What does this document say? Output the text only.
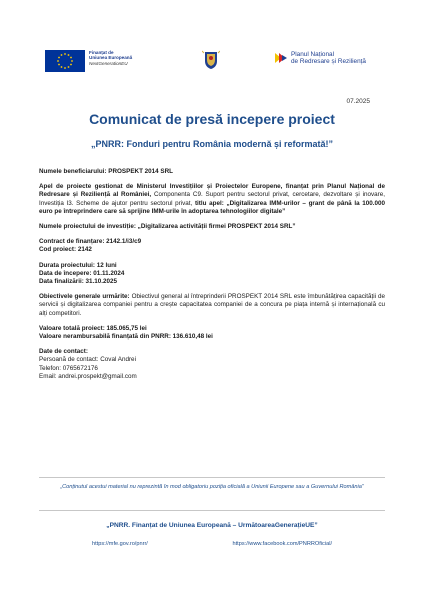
Finanțat de
Uniunea Europeană
NextGenerationEU
Planul Național
de Redresare și Reziliență
07.2025
Comunicat de presă incepere proiect
„PNRR: Fonduri pentru România modernă și reformată!”

Numele beneficiarului: PROSPEKT 2014 SRL

Apel de proiecte gestionat de Ministerul Investițiilor și Proiectelor Europene, finanțat prin Planul Național de Redresare și Reziliență al României, Componenta C9. Suport pentru sectorul privat, cercetare, dezvoltare și inovare, Investiția I3. Scheme de ajutor pentru sectorul privat, titlu apel: „Digitalizarea IMM-urilor – grant de până la 100.000 euro pe întreprindere care să sprijine IMM-urile în adoptarea tehnologiilor digitale”

Numele proiectului de investiție: „Digitalizarea activității firmei PROSPEKT 2014 SRL”

Contract de finanțare: 2142.1/i3/c9

Cod proiect: 2142

Durata proiectului: 12 luni

Data de începere: 01.11.2024

Data finalizării: 31.10.2025

Obiectivele generale urmărite: Obiectivul general al întreprinderii PROSPEKT 2014 SRL este îmbunătățirea capacității de servicii și digitalizarea companiei pentru a crește capacitatea companiei de a concura pe piața internă și internațională cu alți competitori.

Valoare totală proiect: 185.065,75 lei

Valoare nerambursabilă finanțată din PNRR: 136.610,48 lei

Date de contact:

Persoană de contact: Coval Andrei

Telefon: 0765672176

Email: andrei.prospekt@gmail.com

„Conținutul acestui material nu reprezintă în mod obligatoriu poziția oficială a Uniunii Europene sau a Guvernului România”
„PNRR. Finanțat de Uniunea Europeană – UrmătoareaGenerațieUE”
https://mfe.gov.ro/pnrr/	https://www.facebook.com/PNRROficial/
